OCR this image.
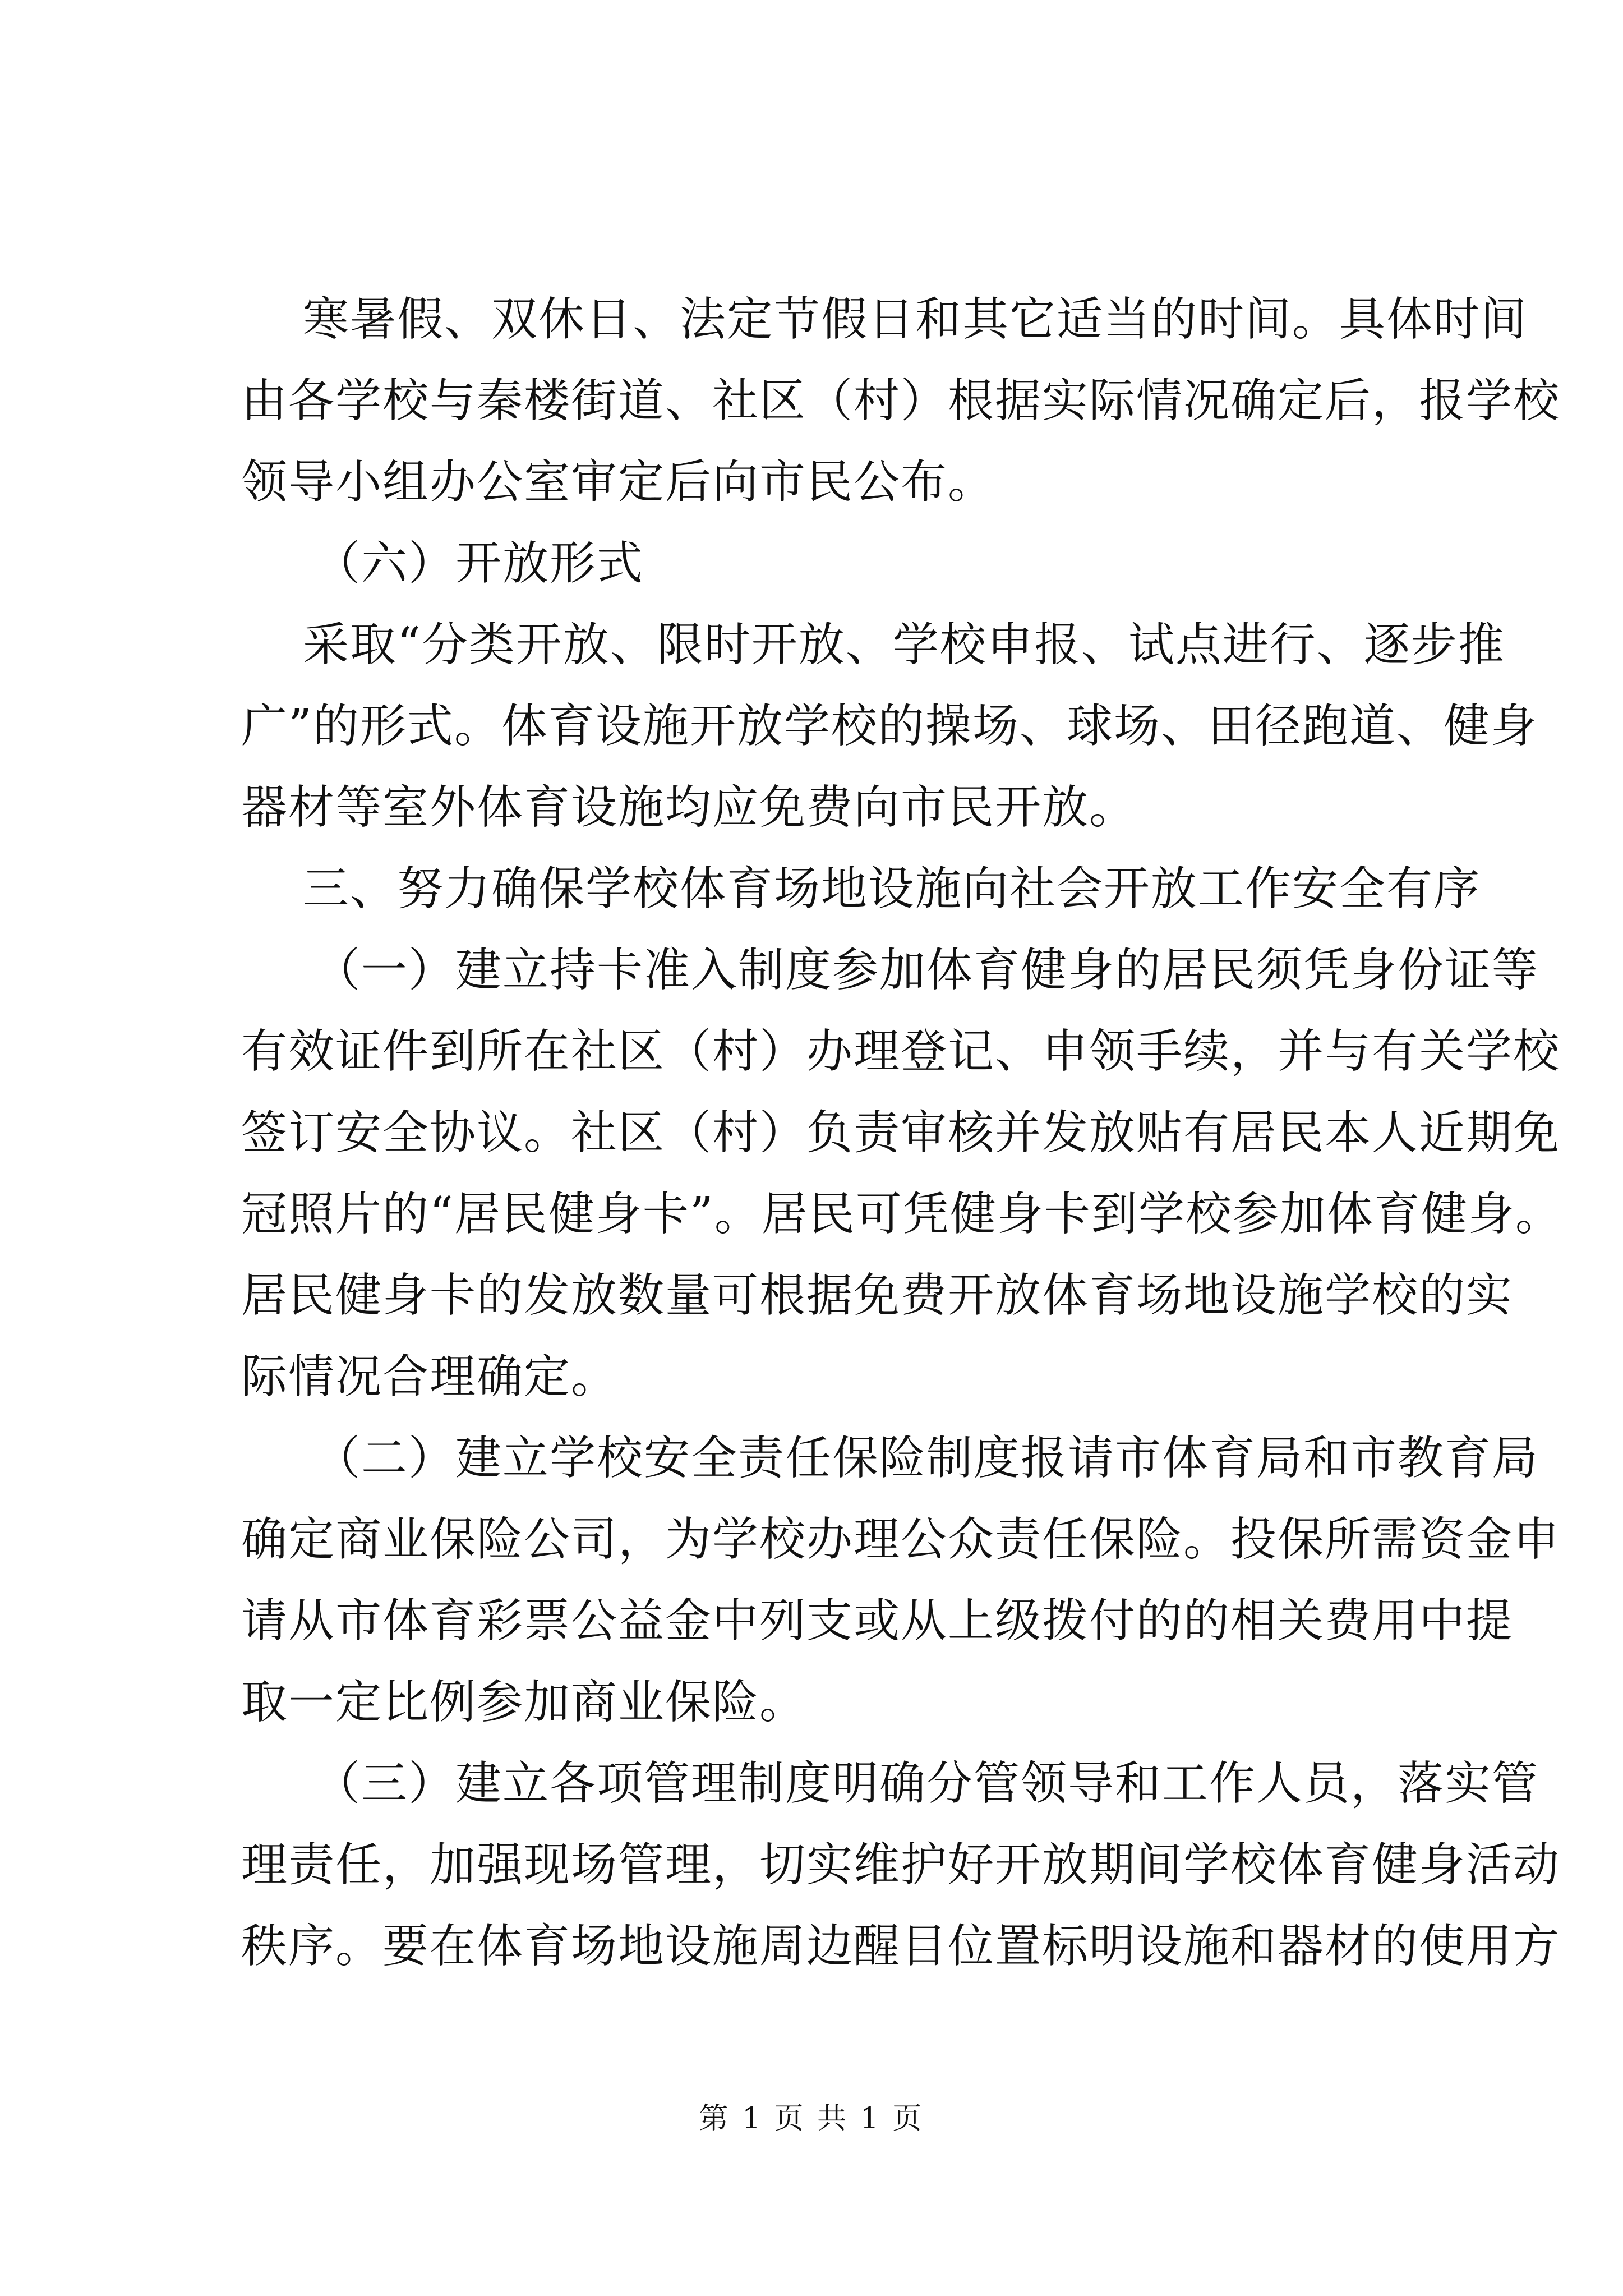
寒暑假、双休日、法定节假日和其它适当的时间。具体时间
由各学校与秦楼街道、社区（村）根据实际情况确定后，报学校
领导小组办公室审定后向市民公布。
（六）开放形式
采取“分类开放、限时开放、学校申报、试点进行、逐步推
广”的形式。体育设施开放学校的操场、球场、田径跑道、健身
器材等室外体育设施均应免费向市民开放。
三、努力确保学校体育场地设施向社会开放工作安全有序
（一）建立持卡准入制度参加体育健身的居民须凭身份证等
有效证件到所在社区（村）办理登记、申领手续，并与有关学校
签订安全协议。社区（村）负责审核并发放贴有居民本人近期免
冠照片的“居民健身卡”。居民可凭健身卡到学校参加体育健身。
居民健身卡的发放数量可根据免费开放体育场地设施学校的实
际情况合理确定。
（二）建立学校安全责任保险制度报请市体育局和市教育局
确定商业保险公司，为学校办理公众责任保险。投保所需资金申
请从市体育彩票公益金中列支或从上级拨付的的相关费用中提
取一定比例参加商业保险。
（三）建立各项管理制度明确分管领导和工作人员，落实管
理责任，加强现场管理，切实维护好开放期间学校体育健身活动
秩序。要在体育场地设施周边醒目位置标明设施和器材的使用方
第 1 页 共 1 页
